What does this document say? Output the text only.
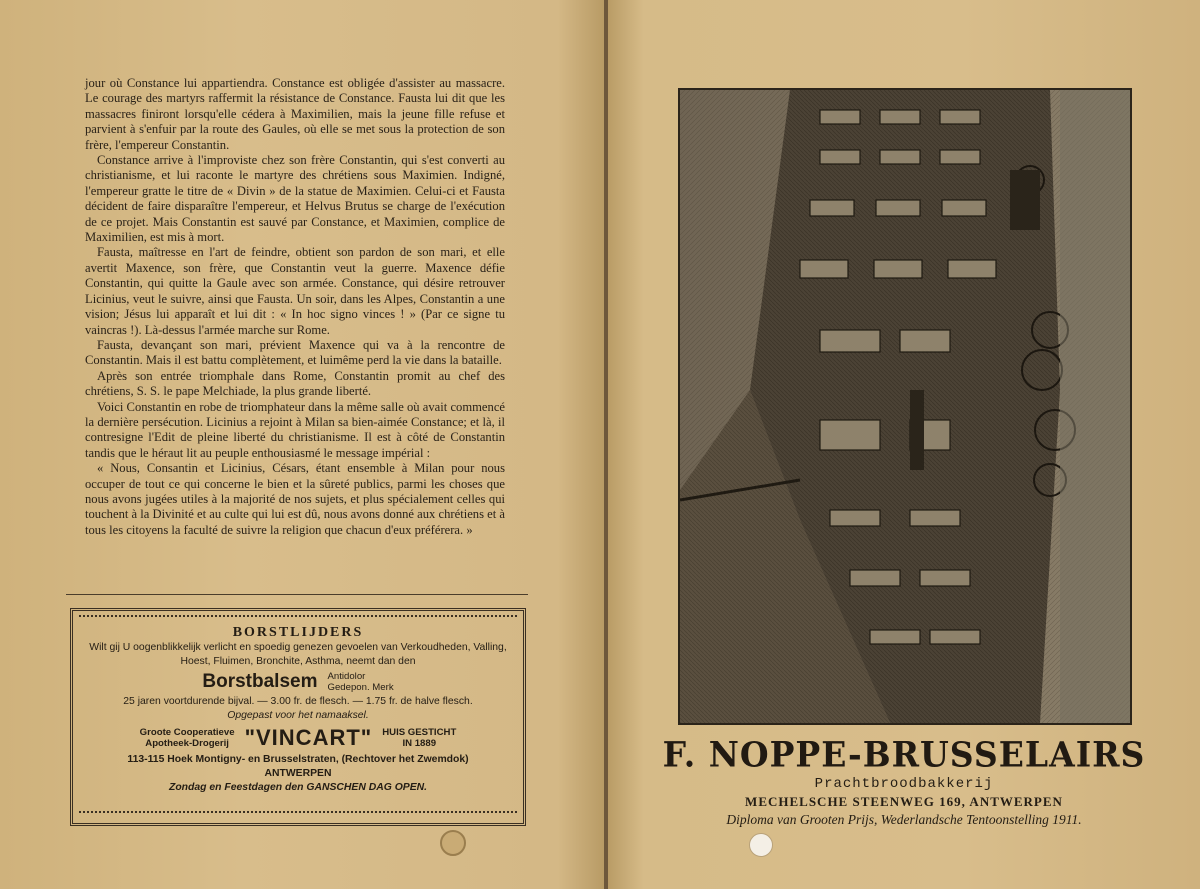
jour où Constance lui appartiendra. Constance est obligée d'assister au massacre. Le courage des martyrs raffermit la résistance de Constance. Fausta lui dit que les massacres finiront lorsqu'elle cédera à Maximilien, mais la jeune fille refuse et parvient à s'enfuir par la route des Gaules, où elle se met sous la protection de son frère, l'empereur Constantin.

Constance arrive à l'improviste chez son frère Constantin, qui s'est converti au christianisme, et lui raconte le martyre des chrétiens sous Maximien. Indigné, l'empereur gratte le titre de « Divin » de la statue de Maximien. Celui-ci et Fausta décident de faire disparaître l'empereur, et Helvus Brutus se charge de l'exécution de ce projet. Mais Constantin est sauvé par Constance, et Maximien, complice de Maximilien, est mis à mort.

Fausta, maîtresse en l'art de feindre, obtient son pardon de son mari, et elle avertit Maxence, son frère, que Constantin veut la guerre. Maxence défie Constantin, qui quitte la Gaule avec son armée. Constance, qui désire retrouver Licinius, veut le suivre, ainsi que Fausta. Un soir, dans les Alpes, Constantin a une vision; Jésus lui apparaît et lui dit : « In hoc signo vinces ! » (Par ce signe tu vaincras !). Là-dessus l'armée marche sur Rome.

Fausta, devançant son mari, prévient Maxence qui va à la rencontre de Constantin. Mais il est battu complètement, et luimême perd la vie dans la bataille.

Après son entrée triomphale dans Rome, Constantin promit au chef des chrétiens, S. S. le pape Melchiade, la plus grande liberté.

Voici Constantin en robe de triomphateur dans la même salle où avait commencé la dernière persécution. Licinius a rejoint à Milan sa bien-aimée Constance; et là, il contresigne l'Edit de pleine liberté du christianisme. Il est à côté de Constantin tandis que le héraut lit au peuple enthousiasmé le message impérial :

« Nous, Consantin et Licinius, Césars, étant ensemble à Milan pour nous occuper de tout ce qui concerne le bien et la sûreté publics, parmi les choses que nous avons jugées utiles à la majorité de nos sujets, et plus spécialement celles qui touchent à la Divinité et au culte qui lui est dû, nous avons donné aux chrétiens et à tous les citoyens la faculté de suivre la religion que chacun d'eux préférera. »

BORSTLIJDERS
Wilt gij U oogenblikkelijk verlicht en spoedig genezen gevoelen van Verkoudheden, Valling, Hoest, Fluimen, Bronchite, Asthma, neemt dan den
Borstbalsem Antidolor
Gedepon. Merk
25 jaren voortdurende bijval. — 3.00 fr. de flesch. — 1.75 fr. de halve flesch.
Opgepast voor het namaaksel.
Groote Cooperatieve
Apotheek-Drogerij "VINCART" HUIS GESTICHT
IN 1889
113-115 Hoek Montigny- en Brusselstraten, (Rechtover het Zwemdok)
ANTWERPEN
Zondag en Feestdagen den GANSCHEN DAG OPEN.
F. NOPPE-BRUSSELAIRS
Prachtbroodbakkerij
MECHELSCHE STEENWEG 169, ANTWERPEN
Diploma van Grooten Prijs, Wederlandsche Tentoonstelling 1911.
